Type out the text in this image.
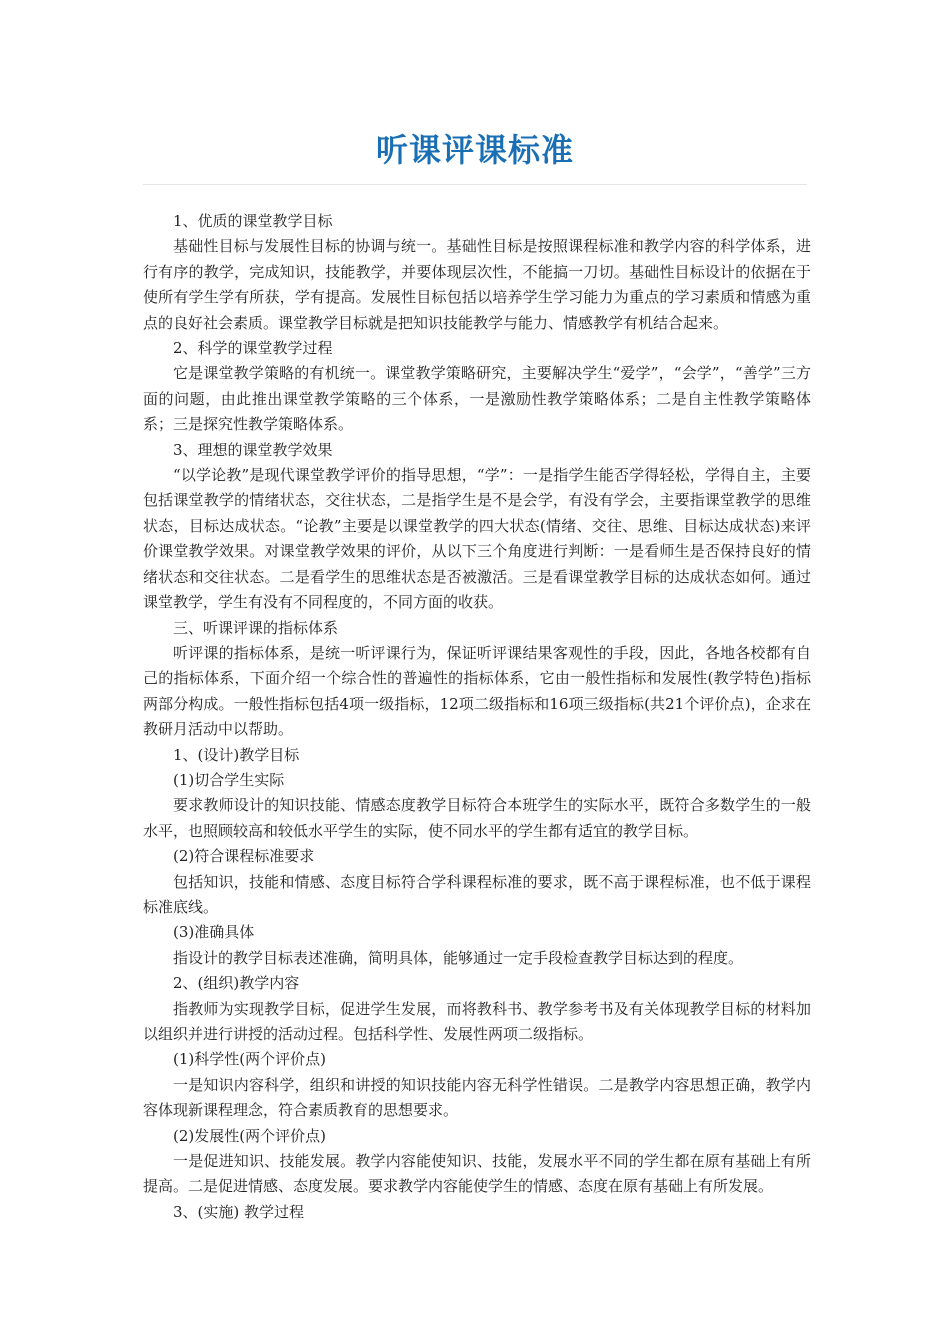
听课评课标准

1、优质的课堂教学目标

基础性目标与发展性目标的协调与统一。基础性目标是按照课程标准和教学内容的科学体系，进行有序的教学，完成知识，技能教学，并要体现层次性，不能搞一刀切。基础性目标设计的依据在于使所有学生学有所获，学有提高。发展性目标包括以培养学生学习能力为重点的学习素质和情感为重点的良好社会素质。课堂教学目标就是把知识技能教学与能力、情感教学有机结合起来。

2、科学的课堂教学过程

它是课堂教学策略的有机统一。课堂教学策略研究，主要解决学生“爱学”，“会学”，“善学”三方面的问题，由此推出课堂教学策略的三个体系，一是激励性教学策略体系；二是自主性教学策略体系；三是探究性教学策略体系。

3、理想的课堂教学效果

“以学论教”是现代课堂教学评价的指导思想，“学”：一是指学生能否学得轻松，学得自主，主要包括课堂教学的情绪状态，交往状态，二是指学生是不是会学，有没有学会，主要指课堂教学的思维状态，目标达成状态。“论教”主要是以课堂教学的四大状态(情绪、交往、思维、目标达成状态)来评价课堂教学效果。对课堂教学效果的评价，从以下三个角度进行判断：一是看师生是否保持良好的情绪状态和交往状态。二是看学生的思维状态是否被激活。三是看课堂教学目标的达成状态如何。通过课堂教学，学生有没有不同程度的，不同方面的收获。

三、听课评课的指标体系

听评课的指标体系，是统一听评课行为，保证听评课结果客观性的手段，因此，各地各校都有自己的指标体系，下面介绍一个综合性的普遍性的指标体系，它由一般性指标和发展性(教学特色)指标两部分构成。一般性指标包括4项一级指标，12项二级指标和16项三级指标(共21个评价点)，企求在教研月活动中以帮助。

1、(设计)教学目标

(1)切合学生实际

要求教师设计的知识技能、情感态度教学目标符合本班学生的实际水平，既符合多数学生的一般水平，也照顾较高和较低水平学生的实际，使不同水平的学生都有适宜的教学目标。

(2)符合课程标准要求

包括知识，技能和情感、态度目标符合学科课程标准的要求，既不高于课程标准，也不低于课程标准底线。

(3)准确具体

指设计的教学目标表述准确，简明具体，能够通过一定手段检查教学目标达到的程度。

2、(组织)教学内容

指教师为实现教学目标，促进学生发展，而将教科书、教学参考书及有关体现教学目标的材料加以组织并进行讲授的活动过程。包括科学性、发展性两项二级指标。

(1)科学性(两个评价点)

一是知识内容科学，组织和讲授的知识技能内容无科学性错误。二是教学内容思想正确，教学内容体现新课程理念，符合素质教育的思想要求。

(2)发展性(两个评价点)

一是促进知识、技能发展。教学内容能使知识、技能，发展水平不同的学生都在原有基础上有所提高。二是促进情感、态度发展。要求教学内容能使学生的情感、态度在原有基础上有所发展。

3、(实施) 教学过程
